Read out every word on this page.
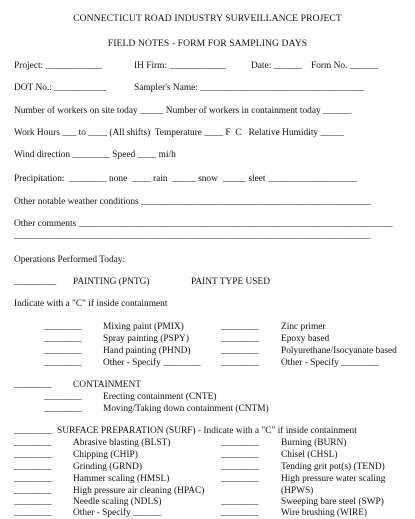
CONNECTICUT ROAD INDUSTRY SURVEILLANCE PROJECT
FIELD NOTES - FORM FOR SAMPLING DAYS
Project: ____________	IH Firm: ____________	Date: ______ Form No. ______
DOT No.: ___________	Sampler's Name: ___________________________________
Number of workers on site today _____ Number of workers in containment today ______
Work Hours ___ to ____ (All shifts)  Temperature ____ F  C   Relative Humidity _____
Wind direction ________ Speed ____ mi/h
Precipitation:  ________ none  ____ rain  _____ snow  _____ sleet ___________________
Other notable weather conditions _________________________________________________
Other comments ___________________________________________________________________
____________________________________________________________________________
Operations Performed Today:
_________ PAINTING (PNTG)	PAINT TYPE USED
Indicate with a "C" if inside containment
________ Mixing paint (PMIX)	________ Zinc primer
________ Spray painting (PSPY)	________ Epoxy based
________ Hand painting (PHND)	________ Polyurethane/Isocyanate based
________ Other - Specify ________ ________ Other - Specify ________
________ CONTAINMENT
________ Erecting containment (CNTE)
________ Moving/Taking down containment (CNTM)
________ SURFACE PREPARATION (SURF) - Indicate with a "C" if inside containment
________ Abrasive blasting (BLST)	________ Burning (BURN)
________ Chipping (CHIP)	________ Chisel (CHSL)
________ Grinding (GRND)	________ Tending grit pot(s) (TEND)
________ Hammer scaling (HMSL)	________ High pressure water scaling
________ High pressure air cleaning (HPAC)	(HPWS)
________ Needle scaling (NDLS)	________ Sweeping bare steel (SWP)
________ Other - Specify ______	________ Wire brushing (WIRE)
